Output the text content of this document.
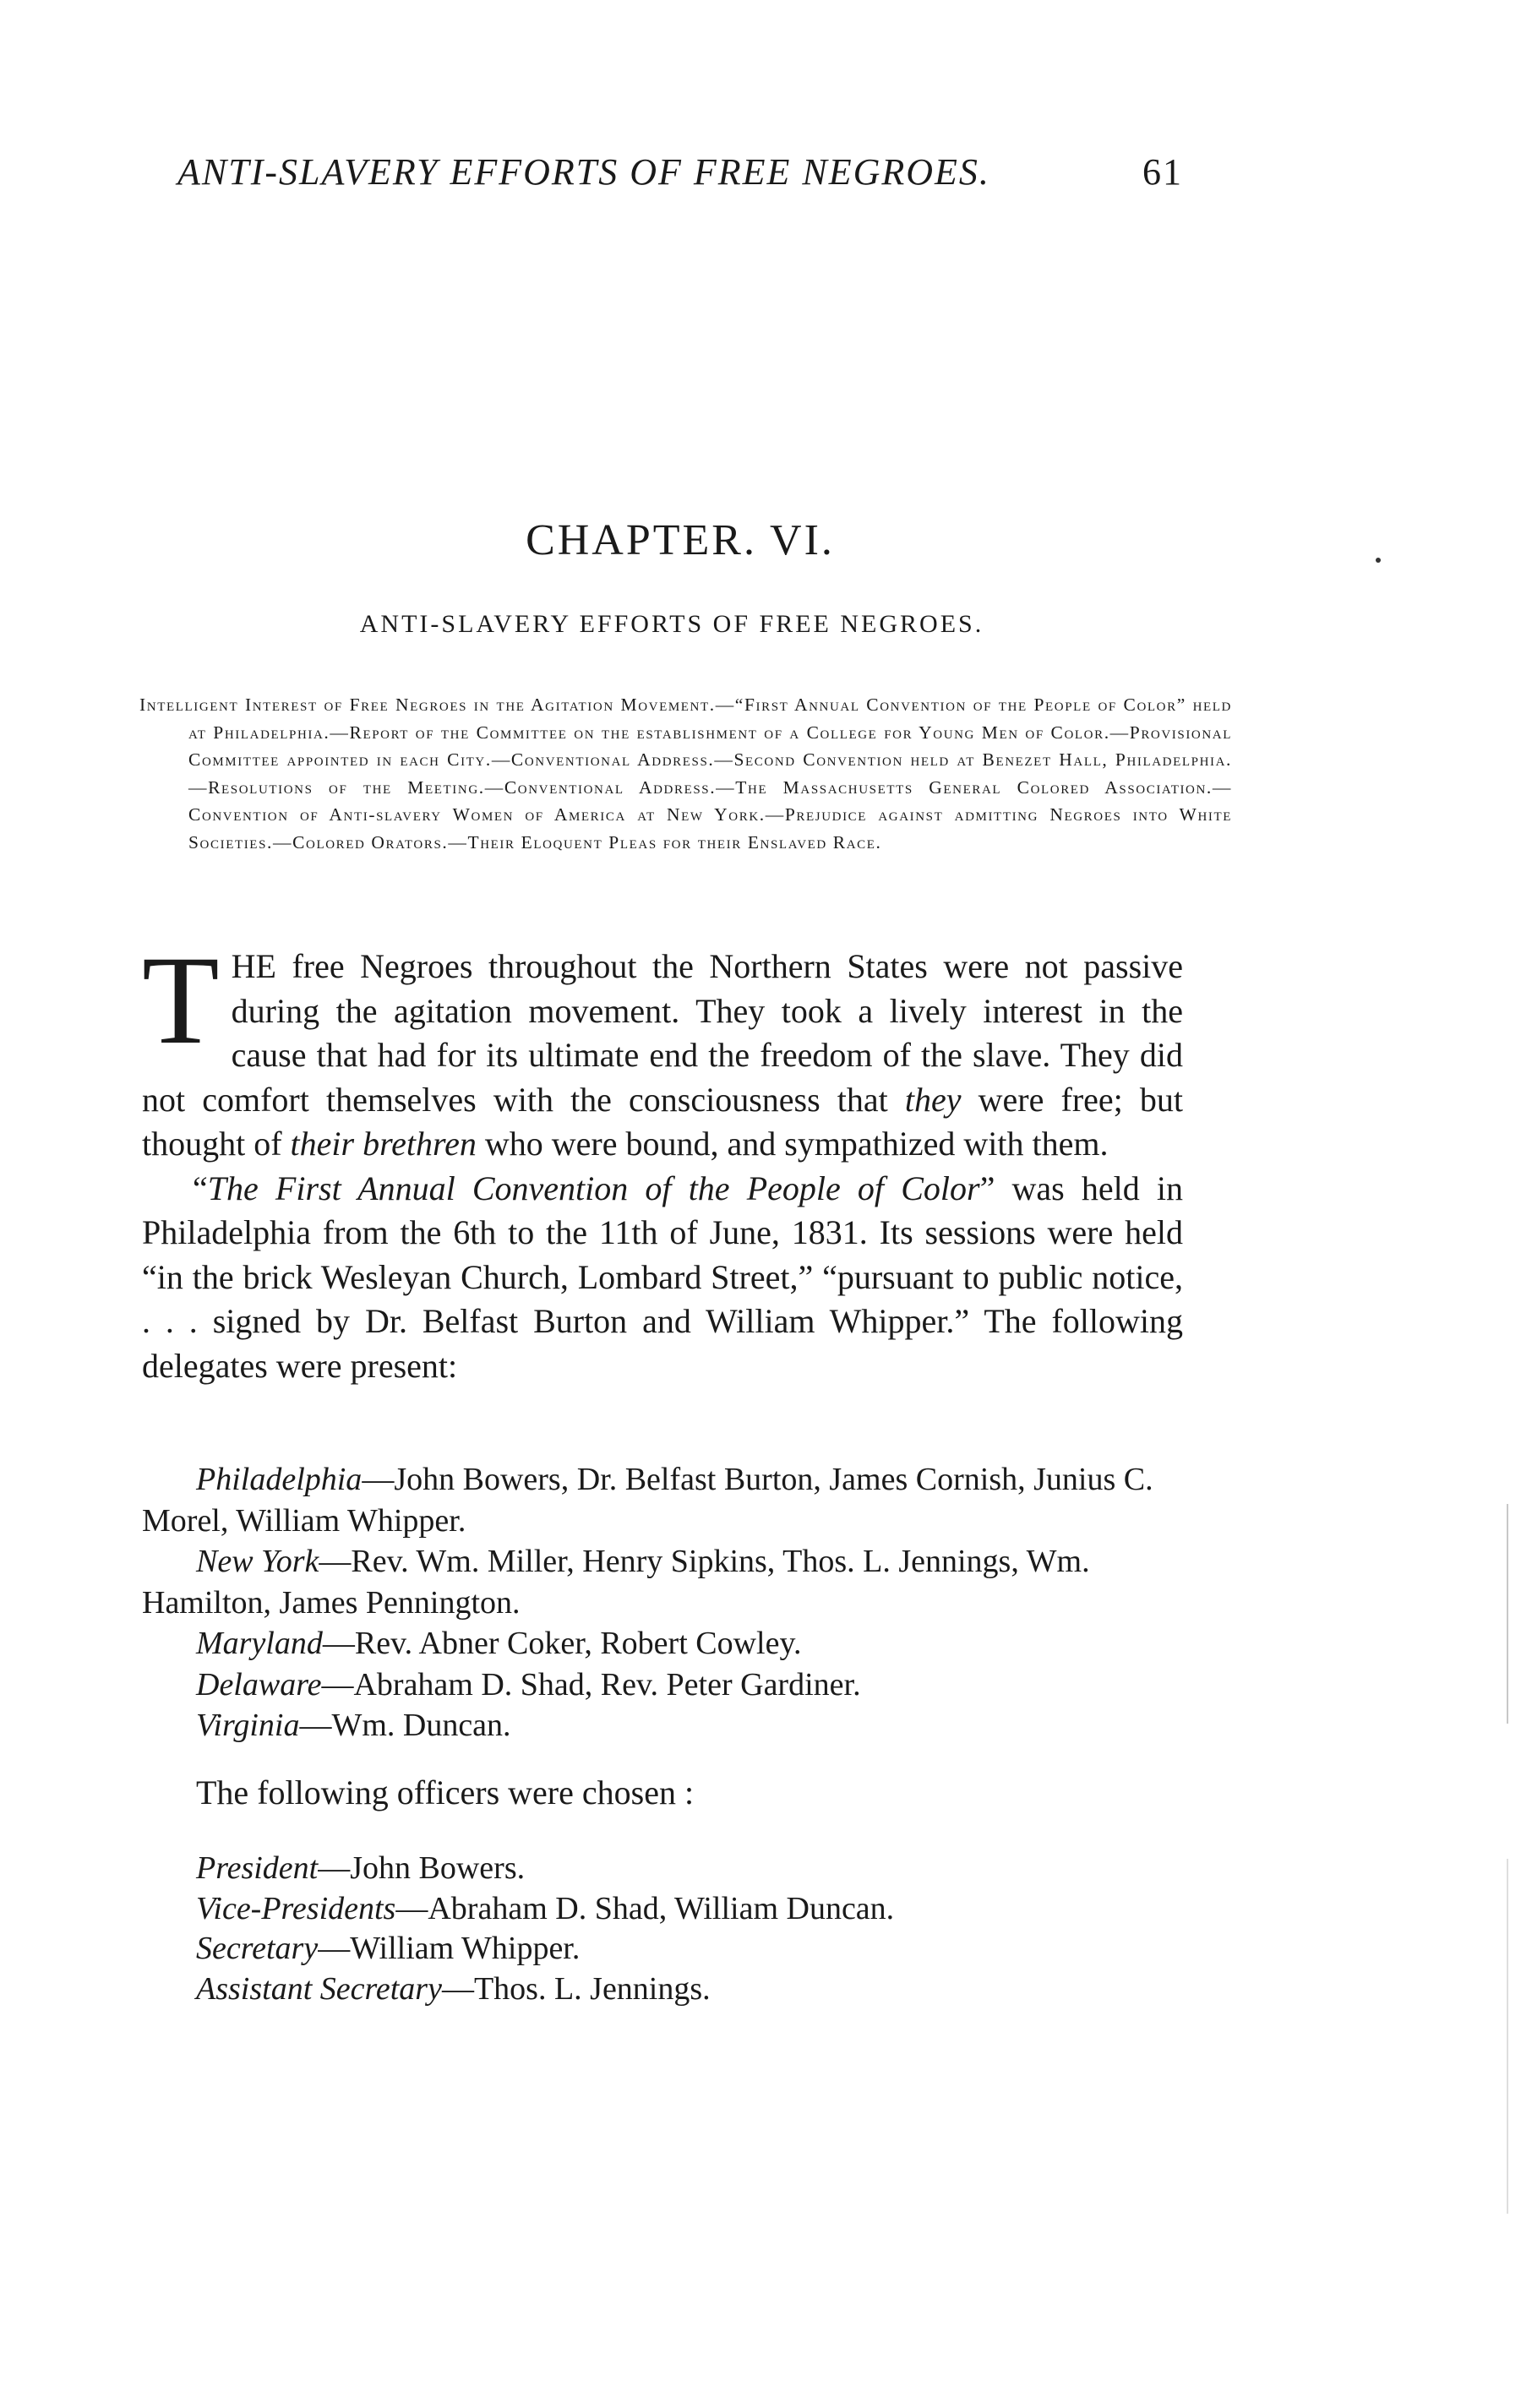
ANTI-SLAVERY EFFORTS OF FREE NEGROES.	61
CHAPTER. VI.
ANTI-SLAVERY EFFORTS OF FREE NEGROES.
Intelligent Interest of Free Negroes in the Agitation Movement.—“First Annual Convention of the People of Color” held at Philadelphia.—Report of the Committee on the establishment of a College for Young Men of Color.—Provisional Committee appointed in each City.—Conventional Address.—Second Convention held at Benezet Hall, Philadelphia.—Resolutions of the Meeting.—Conventional Address.—The Massachusetts General Colored Association.—Convention of Anti-slavery Women of America at New York.—Prejudice against admitting Negroes into White Societies.—Colored Orators.—Their Eloquent Pleas for their Enslaved Race.

THE free Negroes throughout the Northern States were not passive during the agitation movement. They took a lively interest in the cause that had for its ultimate end the freedom of the slave. They did not comfort themselves with the consciousness that they were free; but thought of their brethren who were bound, and sympathized with them.

“The First Annual Convention of the People of Color” was held in Philadelphia from the 6th to the 11th of June, 1831. Its sessions were held “in the brick Wesleyan Church, Lombard Street,” “pursuant to public notice, . . . signed by Dr. Belfast Burton and William Whipper.” The following delegates were present:

Philadelphia—John Bowers, Dr. Belfast Burton, James Cornish, Junius C. Morel, William Whipper.
New York—Rev. Wm. Miller, Henry Sipkins, Thos. L. Jennings, Wm. Hamilton, James Pennington.
Maryland—Rev. Abner Coker, Robert Cowley.
Delaware—Abraham D. Shad, Rev. Peter Gardiner.
Virginia—Wm. Duncan.
The following officers were chosen :
President—John Bowers.
Vice-Presidents—Abraham D. Shad, William Duncan.
Secretary—William Whipper.
Assistant Secretary—Thos. L. Jennings.
